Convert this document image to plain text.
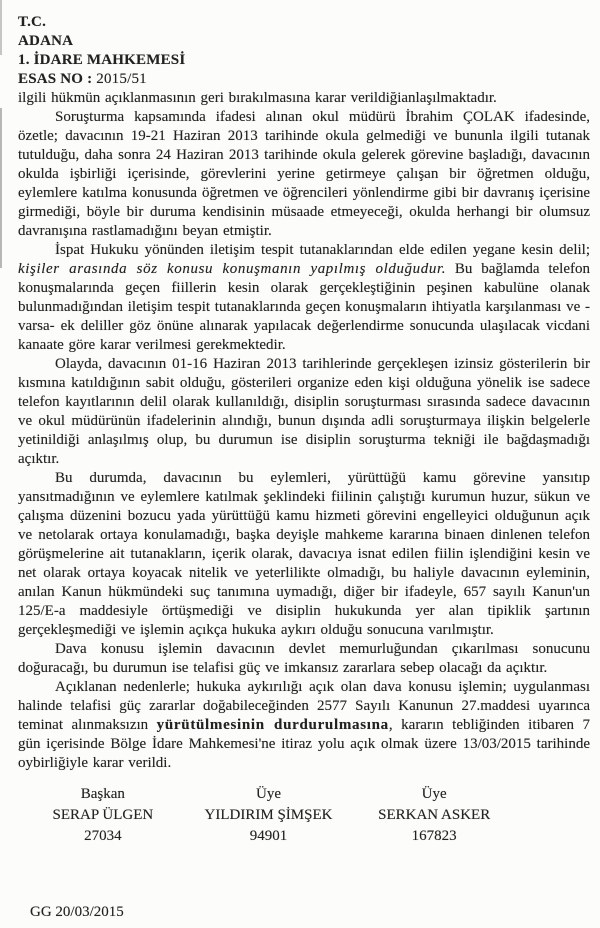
T.C.
ADANA
1. İDARE MAHKEMESİ
ESAS NO : 2015/51

ilgili hükmün açıklanmasının geri bırakılmasına karar verildiğianlaşılmaktadır.

Soruşturma kapsamında ifadesi alınan okul müdürü İbrahim ÇOLAK ifadesinde, özetle; davacının 19-21 Haziran 2013 tarihinde okula gelmediği ve bununla ilgili tutanak tutulduğu, daha sonra 24 Haziran 2013 tarihinde okula gelerek görevine başladığı, davacının okulda işbirliği içerisinde, görevlerini yerine getirmeye çalışan bir öğretmen olduğu, eylemlere katılma konusunda öğretmen ve öğrencileri yönlendirme gibi bir davranış içerisine girmediği, böyle bir duruma kendisinin müsaade etmeyeceği, okulda herhangi bir olumsuz davranışına rastlamadığını beyan etmiştir.

İspat Hukuku yönünden iletişim tespit tutanaklarından elde edilen yegane kesin delil; kişiler arasında söz konusu konuşmanın yapılmış olduğudur. Bu bağlamda telefon konuşmalarında geçen fiillerin kesin olarak gerçekleştiğinin peşinen kabulüne olanak bulunmadığından iletişim tespit tutanaklarında geçen konuşmaların ihtiyatla karşılanması ve -varsa- ek deliller göz önüne alınarak yapılacak değerlendirme sonucunda ulaşılacak vicdani kanaate göre karar verilmesi gerekmektedir.

Olayda, davacının 01-16 Haziran 2013 tarihlerinde gerçekleşen izinsiz gösterilerin bir kısmına katıldığının sabit olduğu, gösterileri organize eden kişi olduğuna yönelik ise sadece telefon kayıtlarının delil olarak kullanıldığı, disiplin soruşturması sırasında sadece davacının ve okul müdürünün ifadelerinin alındığı, bunun dışında adli soruşturmaya ilişkin belgelerle yetinildiği anlaşılmış olup, bu durumun ise disiplin soruşturma tekniği ile bağdaşmadığı açıktır.

Bu durumda, davacının bu eylemleri, yürüttüğü kamu görevine yansıtıp yansıtmadığının ve eylemlere katılmak şeklindeki fiilinin çalıştığı kurumun huzur, sükun ve çalışma düzenini bozucu yada yürüttüğü kamu hizmeti görevini engelleyici olduğunun açık ve netolarak ortaya konulamadığı, başka deyişle mahkeme kararına binaen dinlenen telefon görüşmelerine ait tutanakların, içerik olarak, davacıya isnat edilen fiilin işlendiğini kesin ve net olarak ortaya koyacak nitelik ve yeterlilikte olmadığı, bu haliyle davacının eyleminin, anılan Kanun hükmündeki suç tanımına uymadığı, diğer bir ifadeyle, 657 sayılı Kanun'un 125/E-a maddesiyle örtüşmediği ve disiplin hukukunda yer alan tipiklik şartının gerçekleşmediği ve işlemin açıkça hukuka aykırı olduğu sonucuna varılmıştır.

Dava konusu işlemin davacının devlet memurluğundan çıkarılması sonucunu doğuracağı, bu durumun ise telafisi güç ve imkansız zararlara sebep olacağı da açıktır.

Açıklanan nedenlerle; hukuka aykırılığı açık olan dava konusu işlemin; uygulanması halinde telafisi güç zararlar doğabileceğinden 2577 Sayılı Kanunun 27.maddesi uyarınca teminat alınmaksızın yürütülmesinin durdurulmasına, kararın tebliğinden itibaren 7 gün içerisinde Bölge İdare Mahkemesi'ne itiraz yolu açık olmak üzere 13/03/2015 tarihinde oybirliğiyle karar verildi.

Başkan
SERAP ÜLGEN
27034
Üye
YILDIRIM ŞİMŞEK
94901
Üye
SERKAN ASKER
167823
GG 20/03/2015
